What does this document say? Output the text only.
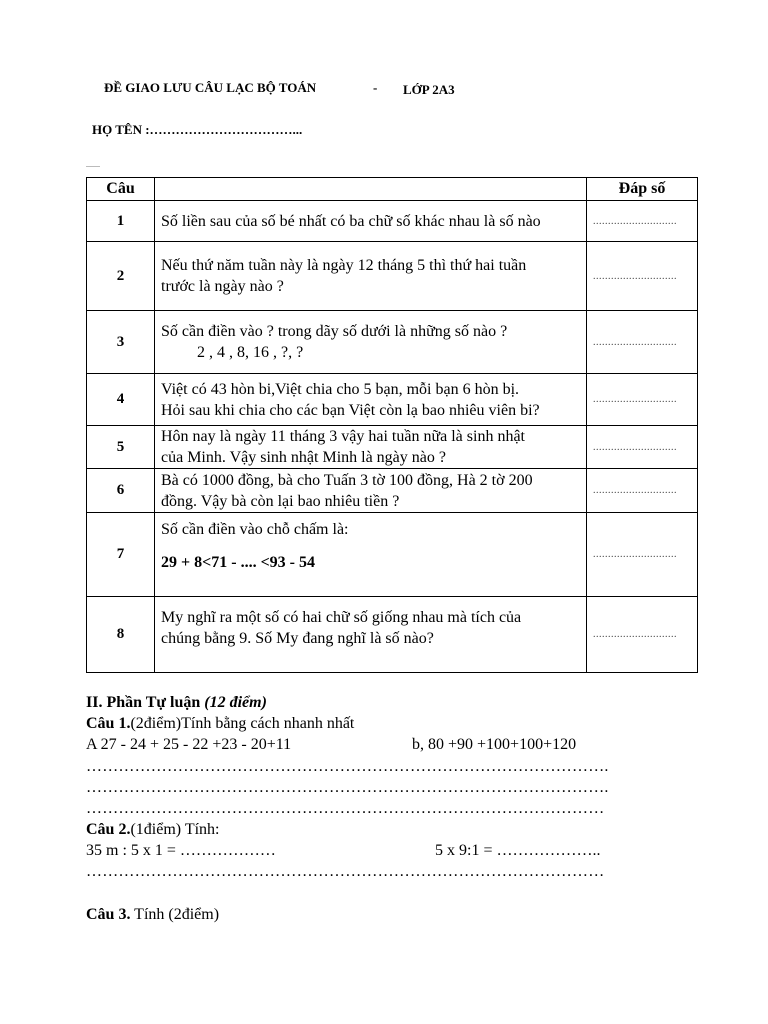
ĐỀ GIAO LƯU CÂU LẠC BỘ TOÁN	- LỚP 2A3
HỌ TÊN :……………………………...
Câu		Đáp số
1	Số liền sau của số bé nhất có ba chữ số khác nhau là số nào	............................

2	Nếu thứ năm tuần này là ngày 12 tháng 5 thì thứ hai tuần
trước là ngày nào ?	............................

3	Số cần điền vào ? trong dãy số dưới là những số nào ?
2 , 4 , 8, 16 , ?, ?	............................

4	Việt có 43 hòn bi,Việt chia cho 5 bạn, mỗi bạn 6 hòn bị.
Hỏi sau khi chia cho các bạn Việt còn lạ bao nhiêu viên bi?	............................

5	Hôn nay là ngày 11 tháng 3 vậy hai tuần nữa là sinh nhật
của Minh. Vậy sinh nhật Minh là ngày nào ?	............................

6	Bà có 1000 đồng, bà cho Tuấn 3 tờ 100 đồng, Hà 2 tờ 200
đồng. Vậy bà còn lại bao nhiêu tiền ?	............................

7	Số cần điền vào chỗ chấm là:
29 + 8<71 - .... <93 - 54	............................

8	My nghĩ ra một số có hai chữ số giống nhau mà tích của
chúng bằng 9. Số My đang nghĩ là số nào?	............................
II. Phần Tự luận (12 điểm)
Câu 1.(2điểm)Tính bằng cách nhanh nhất
A 27 - 24 + 25 - 22 +23 - 20+11	b, 80 +90 +100+100+120
…………………………………………………………………………………….
…………………………………………………………………………………….
……………………………………………………………………………………
Câu 2.(1điểm) Tính:
35 m : 5 x 1 = ………………	5 x 9:1 = ………………..
……………………………………………………………………………………
Câu 3. Tính (2điểm)
